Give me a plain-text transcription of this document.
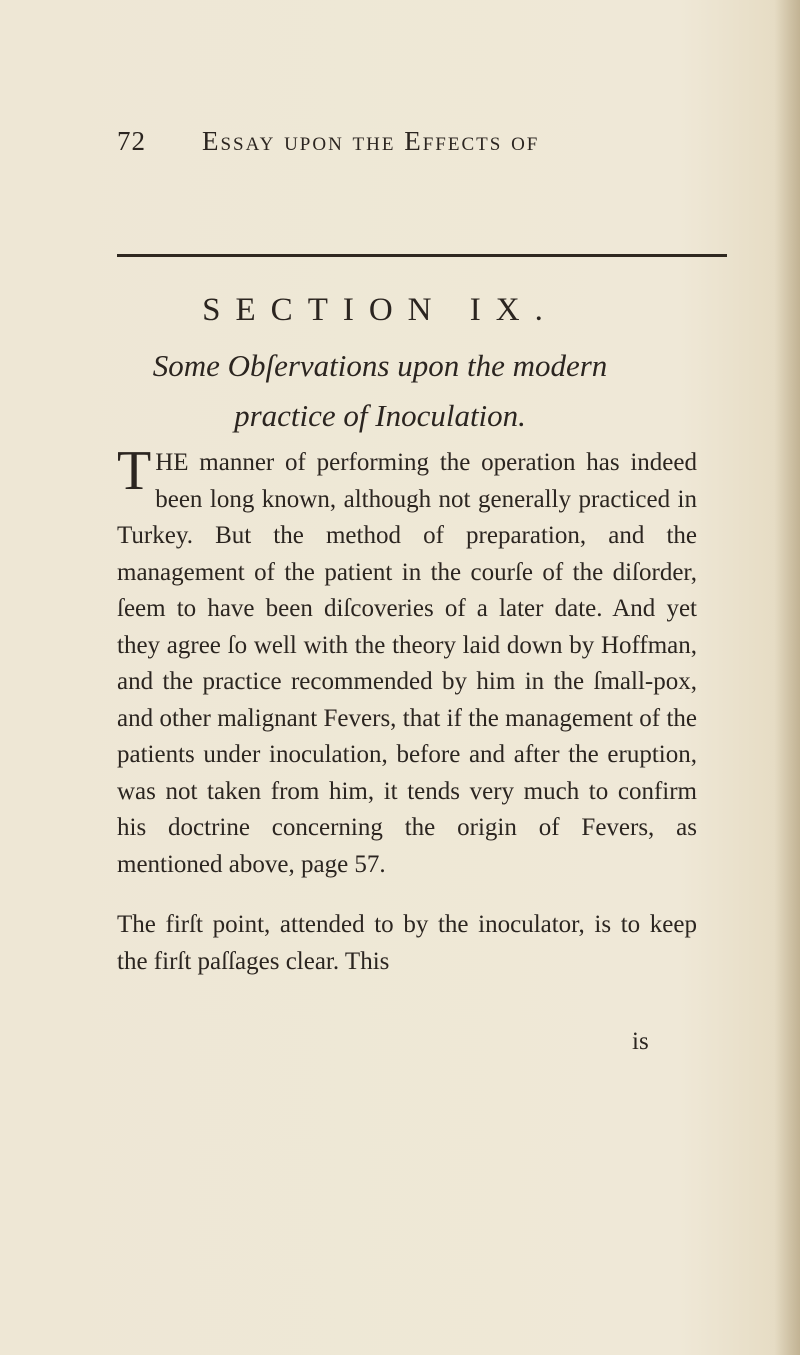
72 Essay upon the Effects of
SECTION IX.
Some Obſervations upon the modern
practice of Inoculation.

THE manner of performing the operation has indeed been long known, although not generally practiced in Turkey. But the method of preparation, and the management of the patient in the courſe of the diſorder, ſeem to have been diſcoveries of a later date. And yet they agree ſo well with the theory laid down by Hoffman, and the practice recommended by him in the ſmall-pox, and other malignant Fevers, that if the management of the patients under inoculation, before and after the eruption, was not taken from him, it tends very much to confirm his doctrine concerning the origin of Fevers, as mentioned above, page 57.

The firſt point, attended to by the inoculator, is to keep the firſt paſſages clear. This

is
